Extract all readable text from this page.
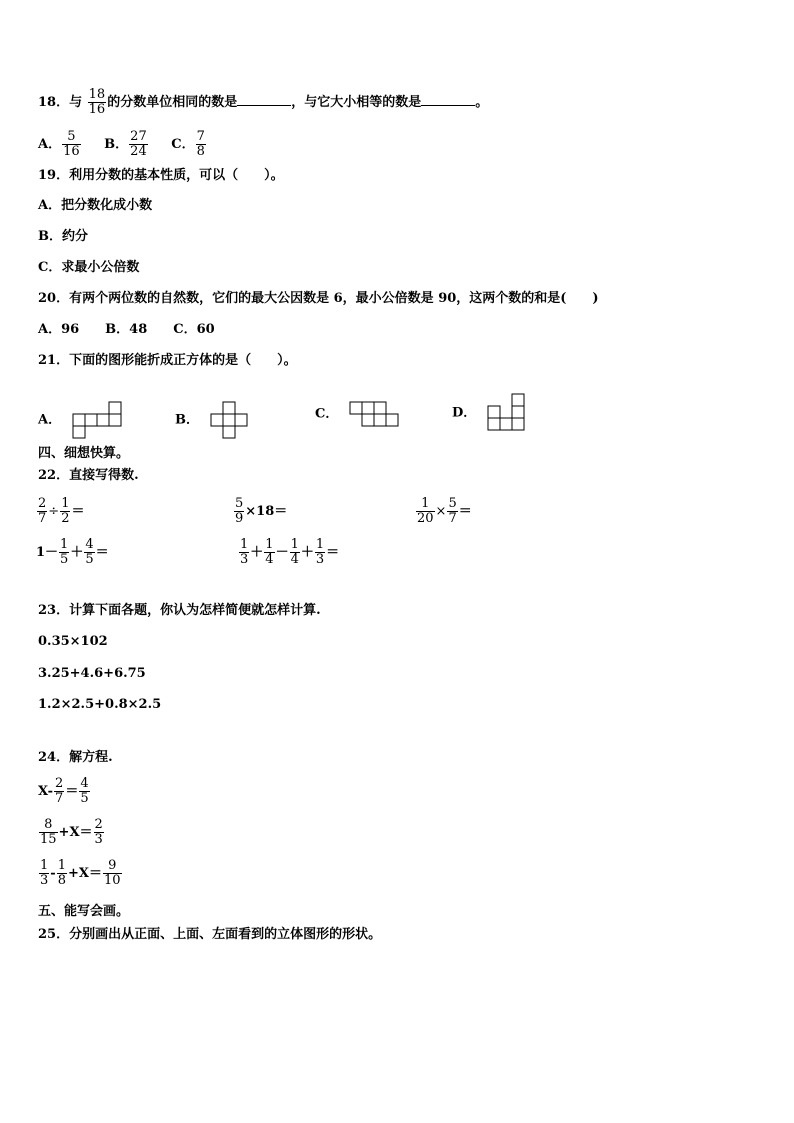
18．与 $\frac{18}{16}$ 的分数单位相同的数是	，与它大小相等的数是	。
A． $\frac{5}{16}$ B． $\frac{27}{24}$ C． $\frac{7}{8}$
19．利用分数的基本性质，可以（　　）。
A．把分数化成小数
B．约分
C．求最小公倍数
20．有两个两位数的自然数，它们的最大公因数是 6，最小公倍数是 90，这两个数的和是(　　)
A．96　　B．48　　C．60
21．下面的图形能折成正方体的是（　　）。
A．	B．	C．	D．
四、细想快算。
22．直接写得数.
$\frac{2}{7} \div \frac{1}{2}$ ＝	$\frac{5}{9} \times 18=$	$\frac{1}{20} \times \frac{5}{7}$ ＝
$1- \frac{1}{5} + \frac{4}{5}$ ＝	$\frac{1}{3} + \frac{1}{4} - \frac{1}{4} + \frac{1}{3}$ ＝
23．计算下面各题，你认为怎样简便就怎样计算.
0.35×102
3.25+4.6+6.75
1.2×2.5+0.8×2.5
24．解方程.
$X- \frac{2}{7} = \frac{4}{5}$
$\frac{8}{15} +X= \frac{2}{3}$
$\frac{1}{3} - \frac{1}{8} +X= \frac{9}{10}$
五、能写会画。
25．分别画出从正面、上面、左面看到的立体图形的形状。
